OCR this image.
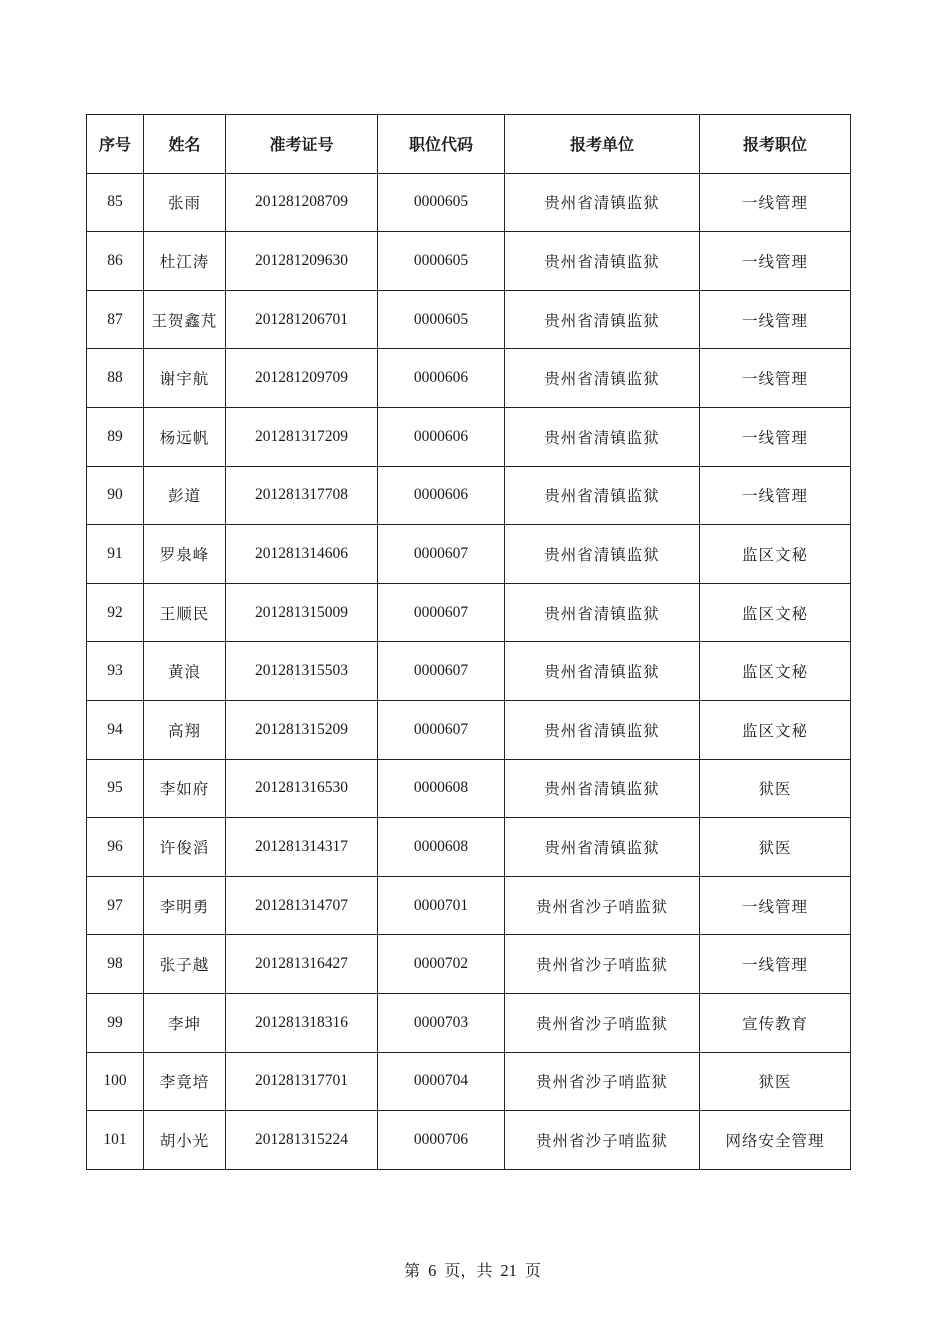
序号	姓名	准考证号	职位代码	报考单位	报考职位
85	张雨	201281208709	0000605	贵州省清镇监狱	一线管理
86	杜江涛	201281209630	0000605	贵州省清镇监狱	一线管理
87	王贺鑫芃	201281206701	0000605	贵州省清镇监狱	一线管理
88	谢宇航	201281209709	0000606	贵州省清镇监狱	一线管理
89	杨远帆	201281317209	0000606	贵州省清镇监狱	一线管理
90	彭道	201281317708	0000606	贵州省清镇监狱	一线管理
91	罗泉峰	201281314606	0000607	贵州省清镇监狱	监区文秘
92	王顺民	201281315009	0000607	贵州省清镇监狱	监区文秘
93	黄浪	201281315503	0000607	贵州省清镇监狱	监区文秘
94	高翔	201281315209	0000607	贵州省清镇监狱	监区文秘
95	李如府	201281316530	0000608	贵州省清镇监狱	狱医
96	许俊滔	201281314317	0000608	贵州省清镇监狱	狱医
97	李明勇	201281314707	0000701	贵州省沙子哨监狱	一线管理
98	张子越	201281316427	0000702	贵州省沙子哨监狱	一线管理
99	李坤	201281318316	0000703	贵州省沙子哨监狱	宣传教育
100	李竟培	201281317701	0000704	贵州省沙子哨监狱	狱医
101	胡小光	201281315224	0000706	贵州省沙子哨监狱	网络安全管理
第 6 页，共 21 页
